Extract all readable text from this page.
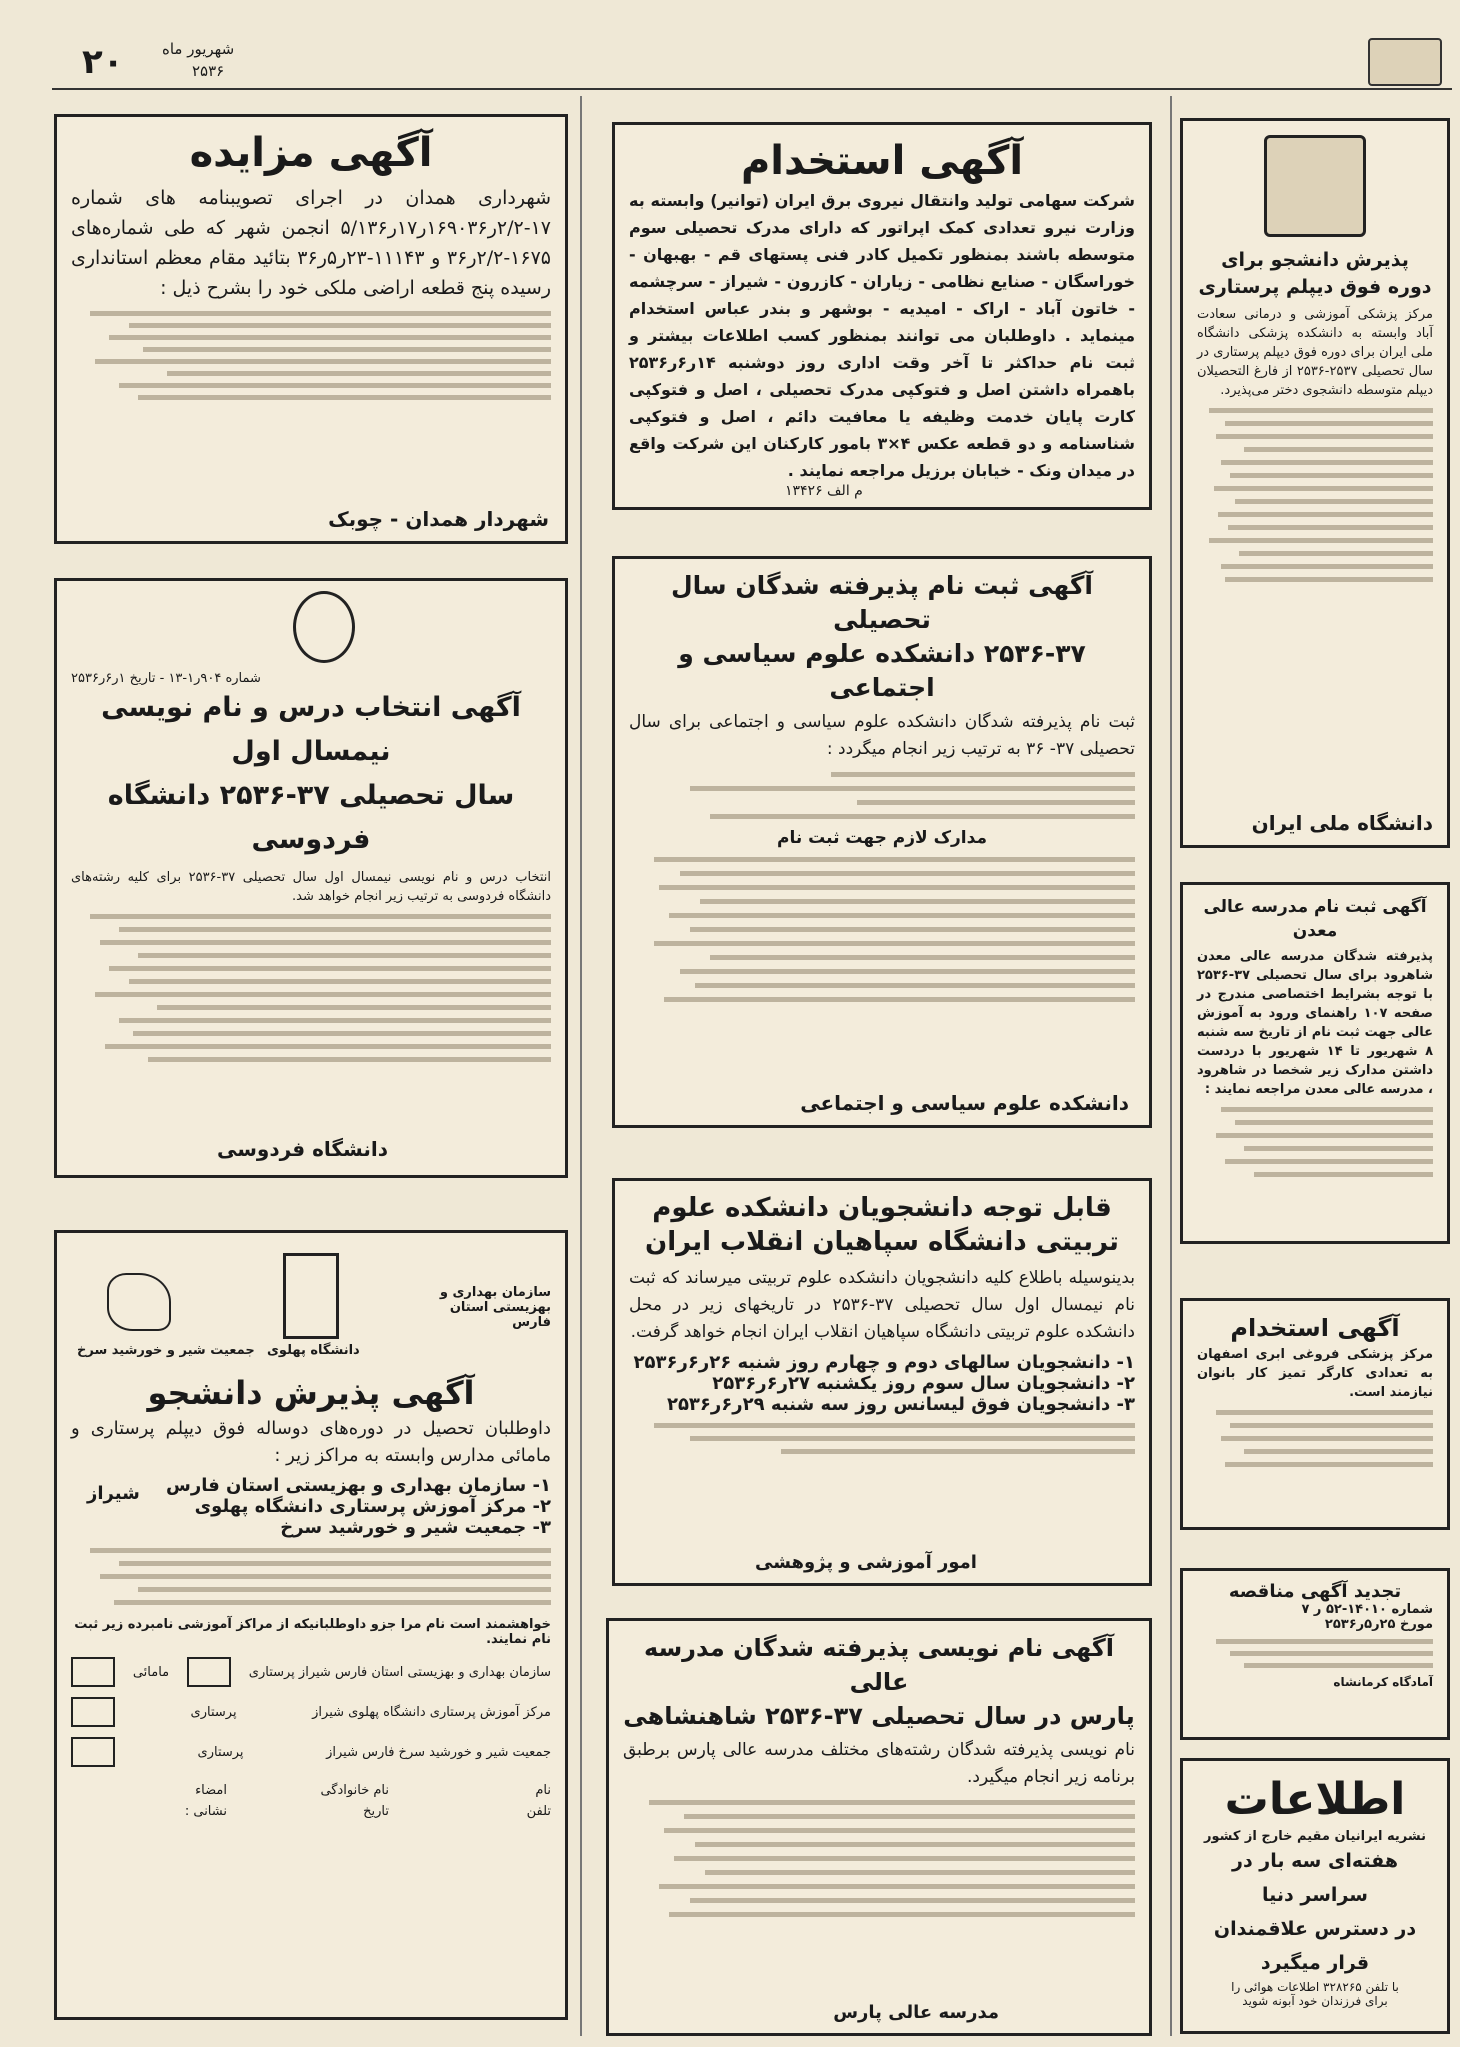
۲۰	شهریور ماه
۲۵۳۶
آگهی مزایده
شهرداری همدان در اجرای تصویبنامه های شماره ۱۷-۲/۲ر۱۶۹۰۳۶ر۱۷ر۵/۱۳۶ انجمن شهر که طی شماره‌های ۱۶۷۵-۲/۲ر۳۶ و ۱۱۱۴۳-۲۳ر۵ر۳۶ بتائید مقام معظم استانداری رسیده پنج قطعه اراضی ملکی خود را بشرح ذیل :
شهردار همدان - چوبک
شماره ۹۰۴ر۱-۱۳ - تاریخ ۱ر۶ر۲۵۳۶
آگهی انتخاب درس و نام نویسی نیمسال اول
سال تحصیلی ۳۷-۲۵۳۶ دانشگاه فردوسی
انتخاب درس و نام نویسی نیمسال اول سال تحصیلی ۳۷-۲۵۳۶ برای کلیه رشته‌های دانشگاه فردوسی به ترتیب زیر انجام خواهد شد.
دانشگاه فردوسی
سازمان بهداری و بهزیستی استان فارس
دانشگاه پهلوی
جمعیت شیر و خورشید سرخ
آگهی پذیرش دانشجو
داوطلبان تحصیل در دوره‌های دوساله فوق دیپلم پرستاری و مامائی مدارس وابسته به مراکز زیر :
۱- سازمان بهداری و بهزیستی استان فارس
۲- مرکز آموزش پرستاری دانشگاه پهلوی
۳- جمعیت شیر و خورشید سرخ
شیراز
خواهشمند است نام مرا جزو داوطلبانیکه از مراکز آموزشی نامبرده زیر ثبت نام نمایند.
سازمان بهداری و بهزیستی استان فارس شیراز پرستاری
مامائی
مرکز آموزش پرستاری دانشگاه پهلوی شیراز
پرستاری
جمعیت شیر و خورشید سرخ فارس شیراز
پرستاری
نام
نام خانوادگی
امضاء
تلفن
تاریخ
نشانی :
آگهی استخدام
شرکت سهامی تولید وانتقال نیروی برق ایران (توانیر) وابسته به وزارت نیرو تعدادی کمک اپراتور که دارای مدرک تحصیلی سوم متوسطه باشند بمنظور تکمیل کادر فنی پستهای قم - بهبهان - خوراسگان - صنایع نظامی - زیاران - کازرون - شیراز - سرچشمه - خاتون آباد - اراک - امیدیه - بوشهر و بندر عباس استخدام مینماید . داوطلبان می توانند بمنظور کسب اطلاعات بیشتر و ثبت نام حداکثر تا آخر وقت اداری روز دوشنبه ۱۴ر۶ر۲۵۳۶ باهمراه داشتن اصل و فتوکپی مدرک تحصیلی ، اصل و فتوکپی کارت پایان خدمت وظیفه یا معافیت دائم ، اصل و فتوکپی شناسنامه و دو قطعه عکس ۴×۳ بامور کارکنان این شرکت واقع در میدان ونک - خیابان برزیل مراجعه نمایند .
م الف ۱۳۴۲۶
آگهی ثبت نام پذیرفته شدگان سال تحصیلی
۲۵۳۶-۳۷ دانشکده علوم سیاسی و اجتماعی
ثبت نام پذیرفته شدگان دانشکده علوم سیاسی و اجتماعی برای سال تحصیلی ۳۷- ۳۶ به ترتیب زیر انجام میگردد :
مدارک لازم جهت ثبت نام
دانشکده علوم سیاسی و اجتماعی
قابل توجه دانشجویان دانشکده علوم
تربیتی دانشگاه سپاهیان انقلاب ایران
بدینوسیله باطلاع کلیه دانشجویان دانشکده علوم تربیتی میرساند که ثبت نام نیمسال اول سال تحصیلی ۳۷-۲۵۳۶ در تاریخهای زیر در محل دانشکده علوم تربیتی دانشگاه سپاهیان انقلاب ایران انجام خواهد گرفت.
۱- دانشجویان سالهای دوم و چهارم روز شنبه ۲۶ر۶ر۲۵۳۶
۲- دانشجویان سال سوم روز یکشنبه ۲۷ر۶ر۲۵۳۶
۳- دانشجویان فوق لیسانس روز سه شنبه ۲۹ر۶ر۲۵۳۶
امور آموزشی و پژوهشی
آگهی نام نویسی پذیرفته شدگان مدرسه عالی
پارس در سال تحصیلی ۳۷-۲۵۳۶ شاهنشاهی
نام نویسی پذیرفته شدگان رشته‌های مختلف مدرسه عالی پارس برطبق برنامه زیر انجام میگیرد.
مدرسه عالی پارس
پذیرش دانشجو برای دوره فوق دیپلم پرستاری
مرکز پزشکی آموزشی و درمانی سعادت آباد وابسته به دانشکده پزشکی دانشگاه ملی ایران برای دوره فوق دیپلم پرستاری در سال تحصیلی ۲۵۳۷-۲۵۳۶ از فارغ التحصیلان دیپلم متوسطه دانشجوی دختر می‌پذیرد.
دانشگاه ملی ایران
آگهی ثبت نام مدرسه عالی معدن
پذیرفته شدگان مدرسه عالی معدن شاهرود برای سال تحصیلی ۳۷-۲۵۳۶ با توجه بشرایط اختصاصی مندرج در صفحه ۱۰۷ راهنمای ورود به آموزش عالی جهت ثبت نام از تاریخ سه شنبه ۸ شهریور تا ۱۴ شهریور با دردست داشتن مدارک زیر شخصا در شاهرود ، مدرسه عالی معدن مراجعه نمایند :
آگهی استخدام
مرکز پزشکی فروغی ابری اصفهان به تعدادی کارگر تمیز کار بانوان نیازمند است.
تجدید آگهی مناقصه
شماره ۱۴۰۱۰-۵۲ ر ۷
مورخ ۲۵ر۵ر۲۵۳۶
آمادگاه کرمانشاه
اطلاعات
نشریه ایرانیان مقیم خارج از کشور
هفته‌ای سه بار در سراسر دنیا
در دسترس علاقمندان
قرار میگیرد
با تلفن ۳۲۸۲۶۵ اطلاعات هوائی را
برای فرزندان خود آبونه شوید
